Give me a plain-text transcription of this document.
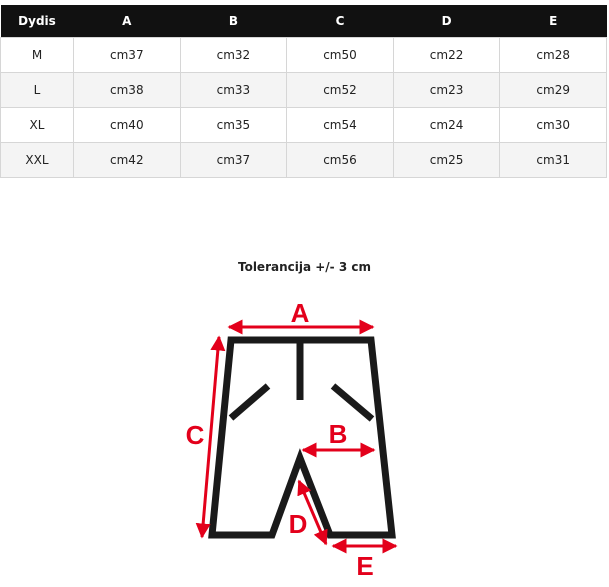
Dydis	A	B	C	D	E
M	cm37	cm32	cm50	cm22	cm28
L	cm38	cm33	cm52	cm23	cm29
XL	cm40	cm35	cm54	cm24	cm30
XXL	cm42	cm37	cm56	cm25	cm31
Tolerancija +/- 3 cm
A
B
C
D
E
